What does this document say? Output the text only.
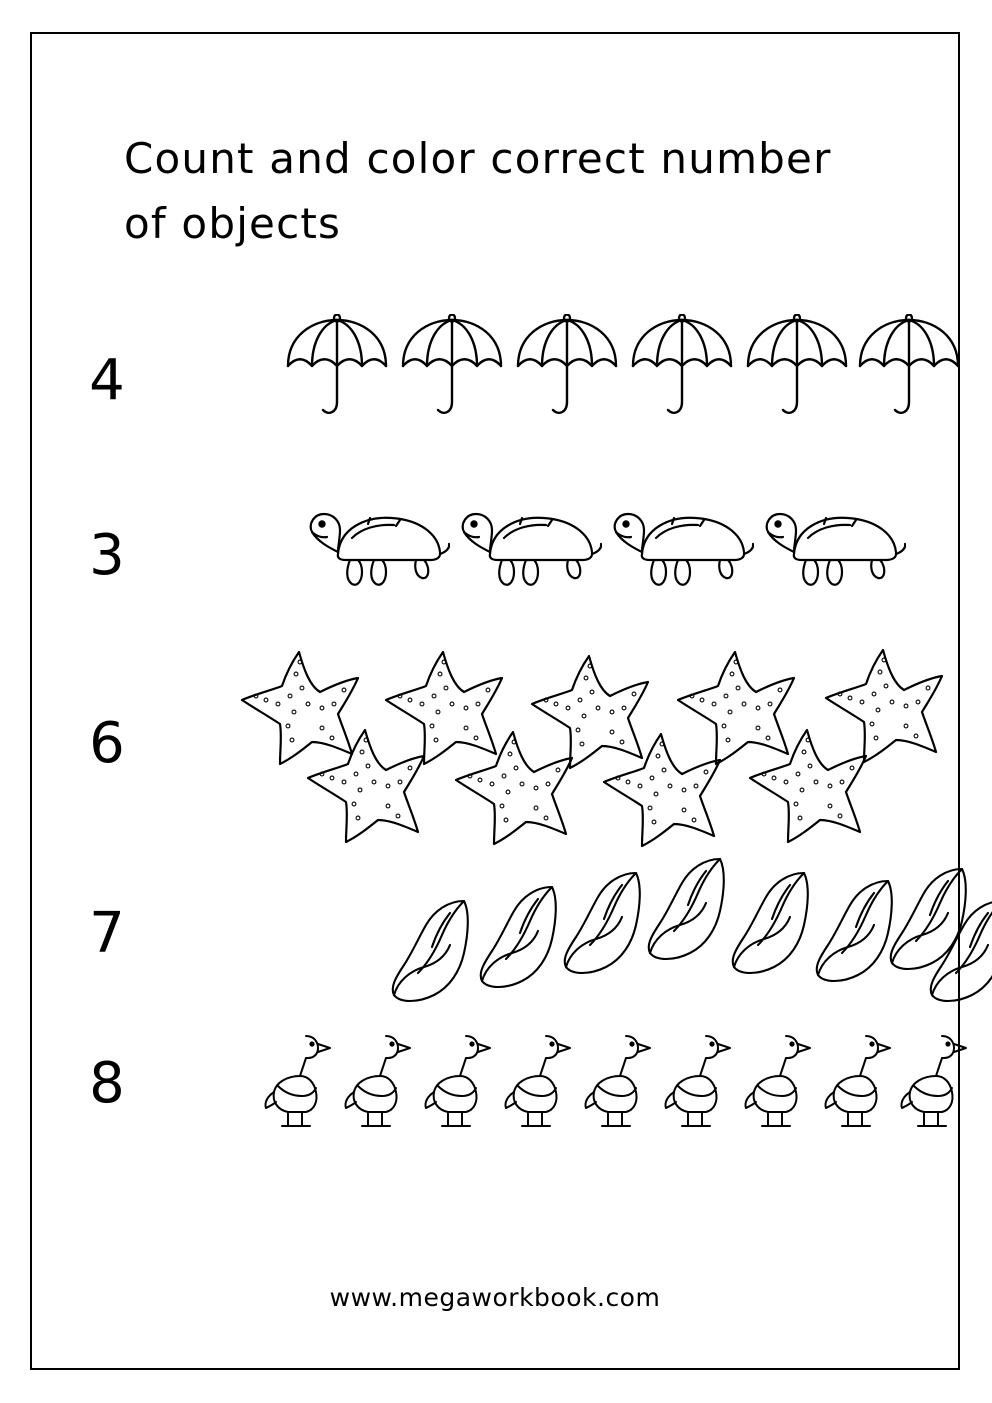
Count and color correct number of objects
4
3
6
7
8
www.megaworkbook.com
